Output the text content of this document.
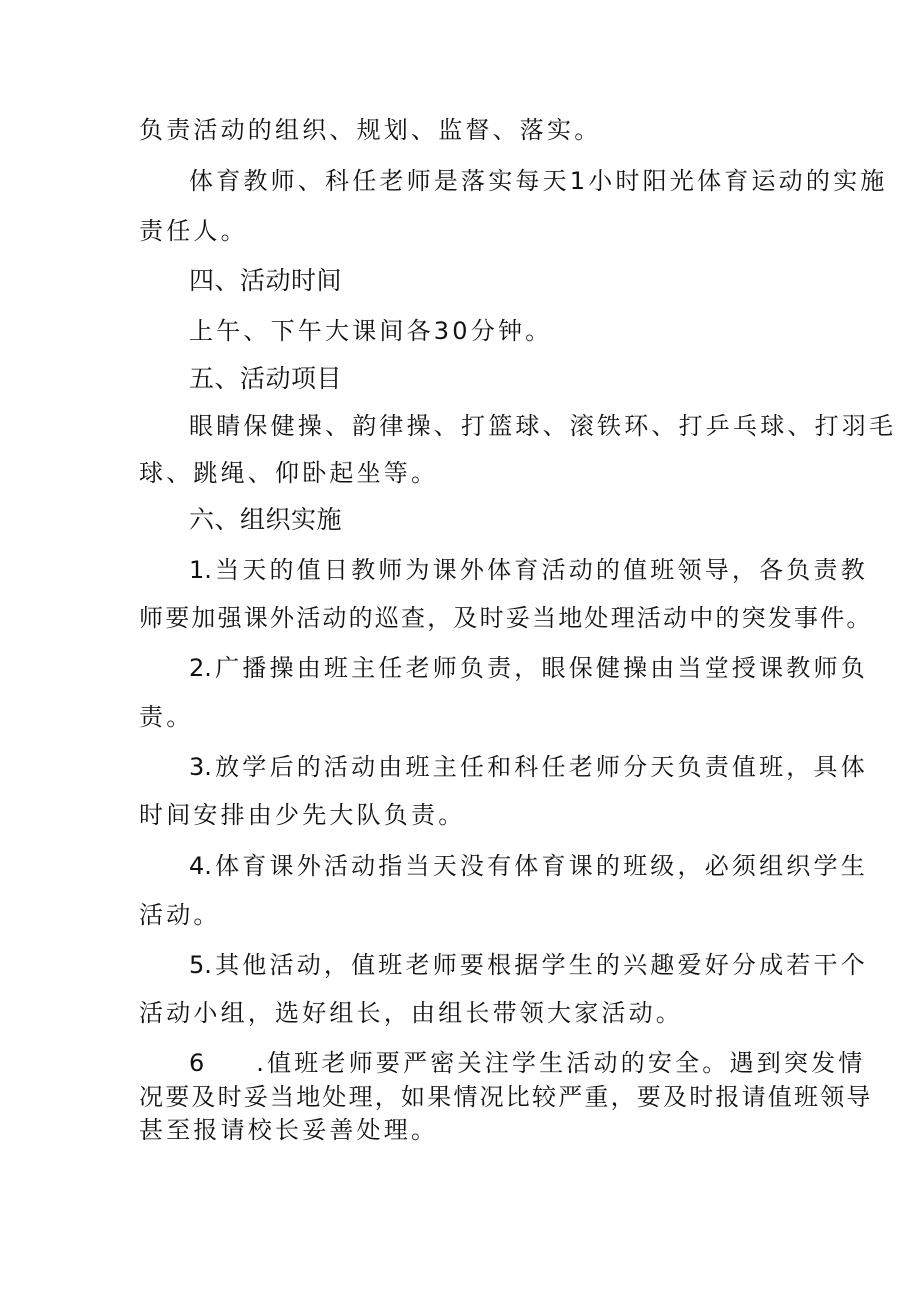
负责活动的组织、规划、监督、落实。
体育教师、科任老师是落实每天1小时阳光体育运动的实施
责任人。
四、活动时间
上午、下午大课间各30分钟。
五、活动项目
眼睛保健操、韵律操、打篮球、滚铁环、打乒乓球、打羽毛
球、跳绳、仰卧起坐等。
六、组织实施
1.当天的值日教师为课外体育活动的值班领导，各负责教
师要加强课外活动的巡查，及时妥当地处理活动中的突发事件。
2.广播操由班主任老师负责，眼保健操由当堂授课教师负
责。
3.放学后的活动由班主任和科任老师分天负责值班，具体
时间安排由少先大队负责。
4.体育课外活动指当天没有体育课的班级，必须组织学生
活动。
5.其他活动，值班老师要根据学生的兴趣爱好分成若干个
活动小组，选好组长，由组长带领大家活动。
6 .值班老师要严密关注学生活动的安全。遇到突发情
况要及时妥当地处理，如果情况比较严重，要及时报请值班领导
甚至报请校长妥善处理。
